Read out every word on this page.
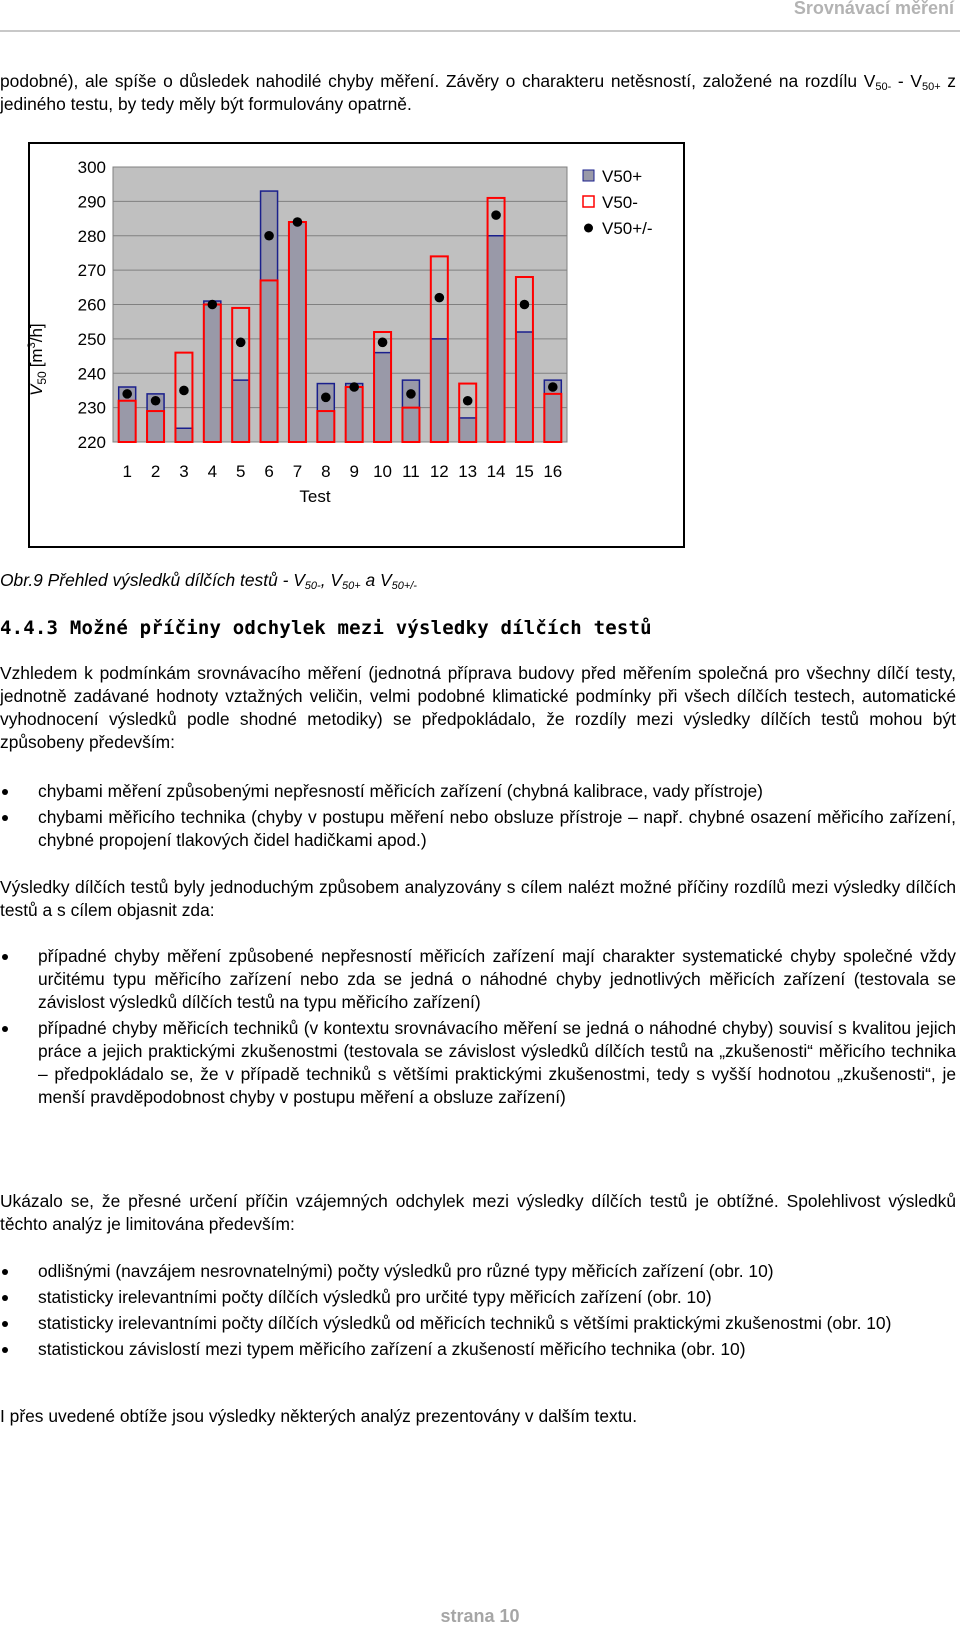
Srovnávací měření

podobné), ale spíše o důsledek nahodilé chyby měření. Závěry o charakteru netěsností, založené na rozdílu $V_{50-} - V_{50+}$ z jediného testu, by tedy měly být formulovány opatrně.

300
290
280
270
260
250
240
230
220
1 2 3 4 5 6 7 8 9 10 11 12 13 14 15 16
Test
$V_{50}[m^3/h]$
V50+
V50-
V50+/-

Obr.9 Přehled výsledků dílčích testů - $V_{50-}$, $V_{50+}$ a $V_{50+/-}$

4.4.3 Možné příčiny odchylek mezi výsledky dílčích testů

Vzhledem k podmínkám srovnávacího měření (jednotná příprava budovy před měřením společná pro všechny dílčí testy, jednotně zadávané hodnoty vztažných veličin, velmi podobné klimatické podmínky při všech dílčích testech, automatické vyhodnocení výsledků podle shodné metodiky) se předpokládalo, že rozdíly mezi výsledky dílčích testů mohou být způsobeny především:

chybami měření způsobenými nepřesností měřicích zařízení (chybná kalibrace, vady přístroje)
chybami měřicího technika (chyby v postupu měření nebo obsluze přístroje – např. chybné osazení měřicího zařízení, chybné propojení tlakových čidel hadičkami apod.)

Výsledky dílčích testů byly jednoduchým způsobem analyzovány s cílem nalézt možné příčiny rozdílů mezi výsledky dílčích testů a s cílem objasnit zda:

případné chyby měření způsobené nepřesností měřicích zařízení mají charakter systematické chyby společné vždy určitému typu měřicího zařízení nebo zda se jedná o náhodné chyby jednotlivých měřicích zařízení (testovala se závislost výsledků dílčích testů na typu měřicího zařízení)
případné chyby měřicích techniků (v kontextu srovnávacího měření se jedná o náhodné chyby) souvisí s kvalitou jejich práce a jejich praktickými zkušenostmi (testovala se závislost výsledků dílčích testů na „zkušenosti“ měřicího technika – předpokládalo se, že v případě techniků s většími praktickými zkušenostmi, tedy s vyšší hodnotou „zkušenosti“, je menší pravděpodobnost chyby v postupu měření a obsluze zařízení)

Ukázalo se, že přesné určení příčin vzájemných odchylek mezi výsledky dílčích testů je obtížné. Spolehlivost výsledků těchto analýz je limitována především:

odlišnými (navzájem nesrovnatelnými) počty výsledků pro různé typy měřicích zařízení (obr. 10)
statisticky irelevantními počty dílčích výsledků pro určité typy měřicích zařízení (obr. 10)
statisticky irelevantními počty dílčích výsledků od měřicích techniků s většími praktickými zkušenostmi (obr. 10)
statistickou závislostí mezi typem měřicího zařízení a zkušeností měřicího technika (obr. 10)

I přes uvedené obtíže jsou výsledky některých analýz prezentovány v dalším textu.

strana 10
